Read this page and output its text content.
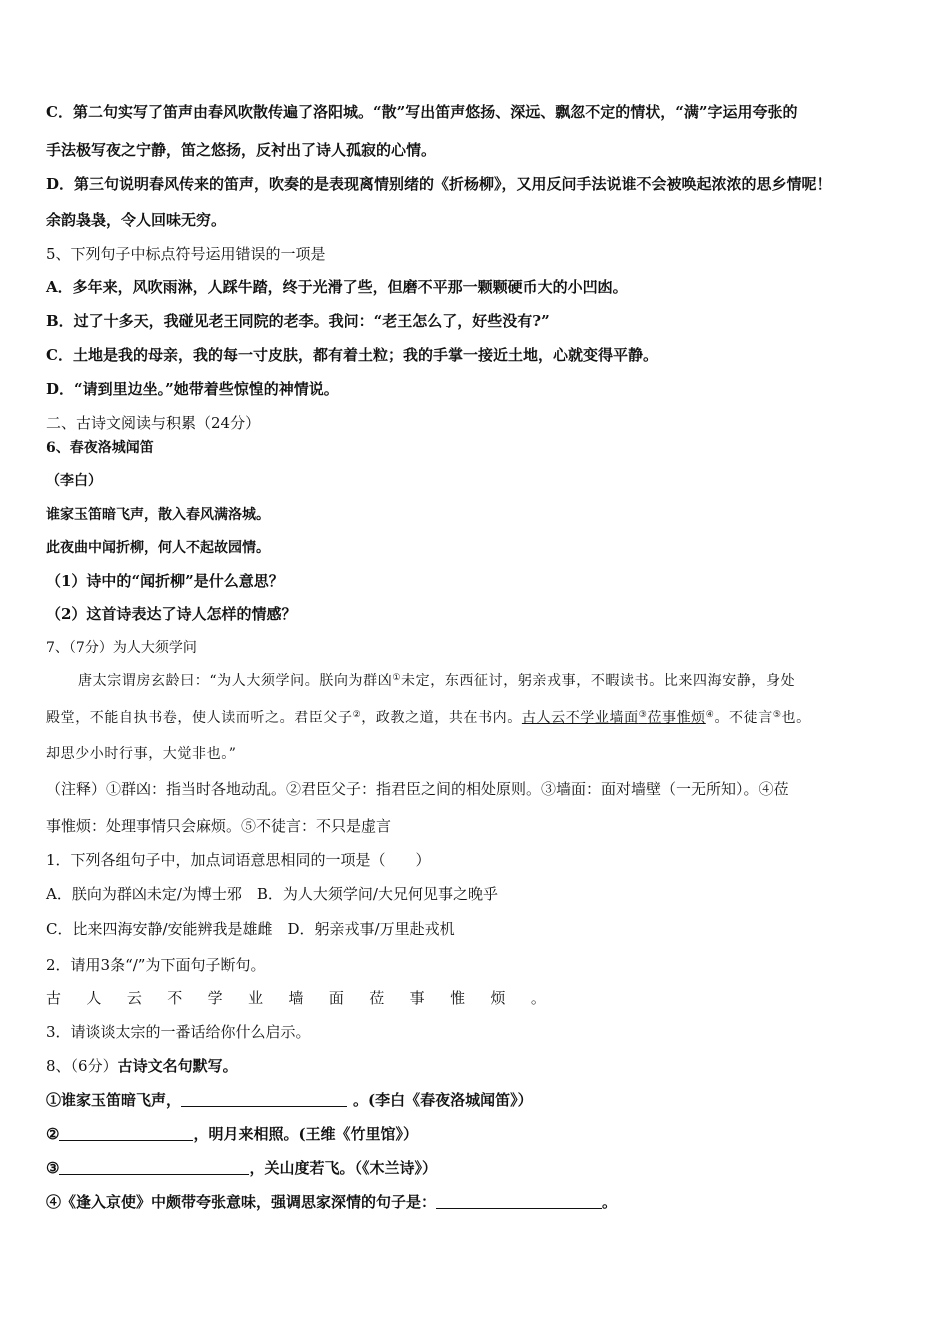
C．第二句实写了笛声由春风吹散传遍了洛阳城。“散”写出笛声悠扬、深远、飘忽不定的情状，“满”字运用夸张的
手法极写夜之宁静，笛之悠扬，反衬出了诗人孤寂的心情。
D．第三句说明春风传来的笛声，吹奏的是表现离情别绪的《折杨柳》，又用反问手法说谁不会被唤起浓浓的思乡情呢！
余韵袅袅，令人回味无穷。
5、下列句子中标点符号运用错误的一项是
A．多年来，风吹雨淋，人踩牛踏，终于光滑了些，但磨不平那一颗颗硬币大的小凹凼。
B．过了十多天，我碰见老王同院的老李。我问：“老王怎么了，好些没有?”
C．土地是我的母亲，我的每一寸皮肤，都有着土粒；我的手掌一接近土地，心就变得平静。
D．“请到里边坐。”她带着些惊惶的神情说。
二、古诗文阅读与积累（24分）
6、春夜洛城闻笛
（李白）
谁家玉笛暗飞声，散入春风满洛城。
此夜曲中闻折柳，何人不起故园情。
（1）诗中的“闻折柳”是什么意思？
（2）这首诗表达了诗人怎样的情感？
7、（7分）为人大须学问
唐太宗谓房玄龄曰：“为人大须学问。朕向为群凶①未定，东西征讨，躬亲戎事，不暇读书。比来四海安静，身处
殿堂，不能自执书卷，使人读而听之。君臣父子②，政教之道，共在书内。古人云不学业墙面③莅事惟烦④。不徒言⑤也。
却思少小时行事，大觉非也。”
（注释）①群凶：指当时各地动乱。②君臣父子：指君臣之间的相处原则。③墙面：面对墙壁（一无所知）。④莅
事惟烦：处理事情只会麻烦。⑤不徒言：不只是虚言
1．下列各组句子中，加点词语意思相同的一项是（　　）
A．朕向为群凶未定/为博士邪　B．为人大须学问/大兄何见事之晚乎
C．比来四海安静/安能辨我是雄雌　D．躬亲戎事/万里赴戎机
2．请用3条“/”为下面句子断句。
古 人 云 不 学 业 墙 面 莅 事 惟 烦 。
3．请谈谈太宗的一番话给你什么启示。
8、（6分）古诗文名句默写。
①谁家玉笛暗飞声，	。(李白《春夜洛城闻笛》）
②	，明月来相照。(王维《竹里馆》）
③	，关山度若飞。（《木兰诗》）
④《逢入京使》中颇带夸张意味，强调思家深情的句子是：	。
